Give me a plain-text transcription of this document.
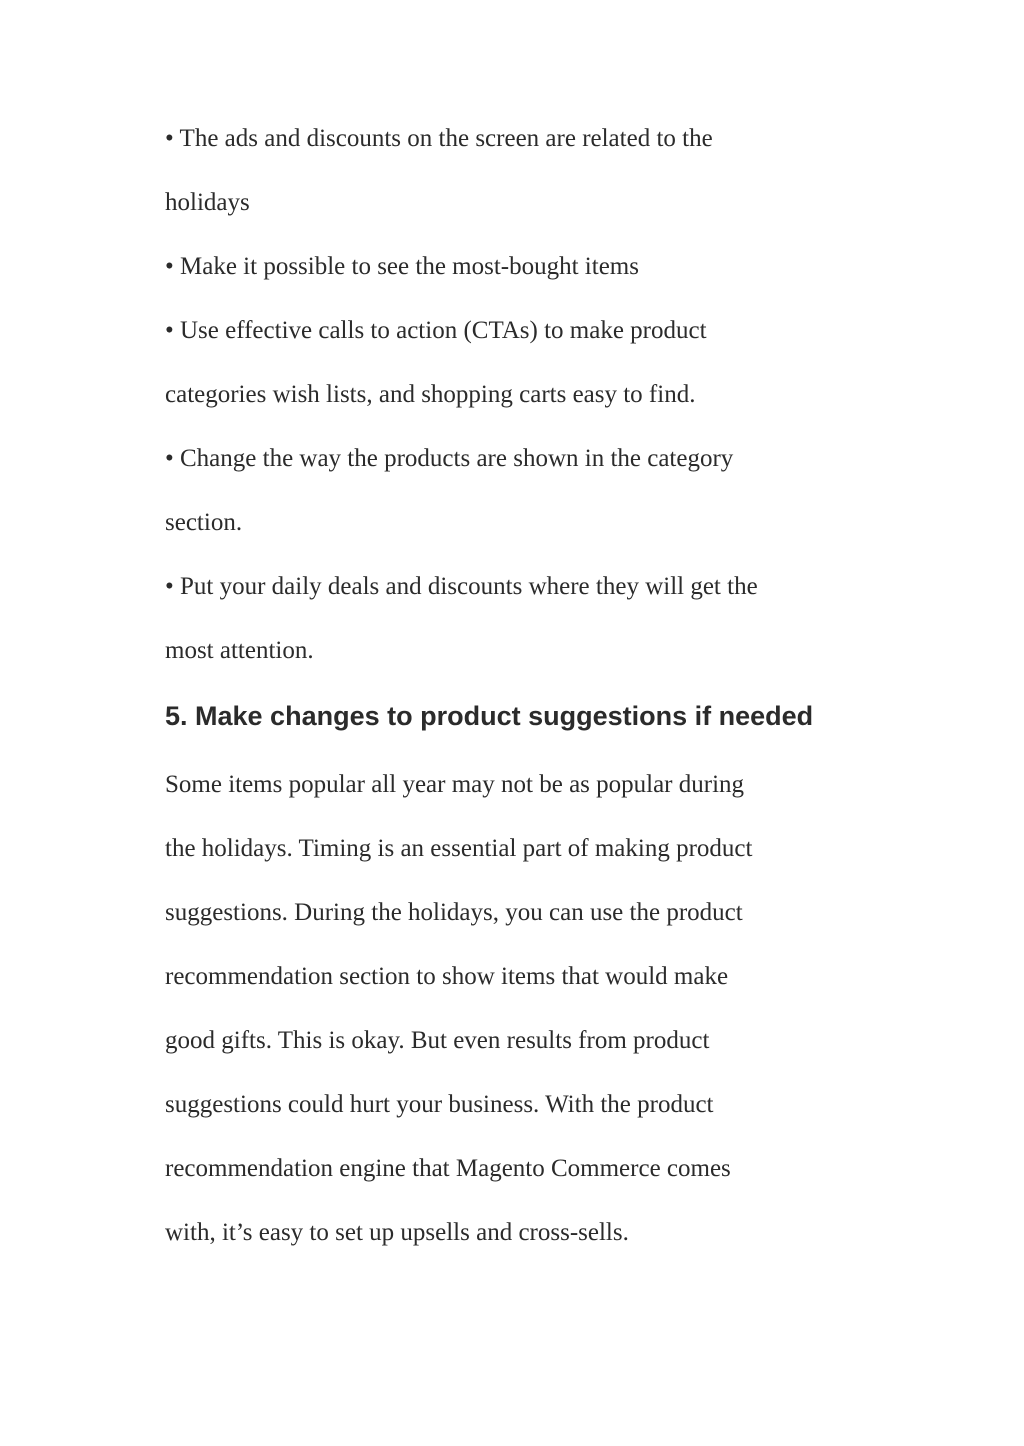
• The ads and discounts on the screen are related to the
holidays
• Make it possible to see the most-bought items
• Use effective calls to action (CTAs) to make product
categories wish lists, and shopping carts easy to find.
• Change the way the products are shown in the category
section.
• Put your daily deals and discounts where they will get the
most attention.
5. Make changes to product suggestions if needed
Some items popular all year may not be as popular during
the holidays. Timing is an essential part of making product
suggestions. During the holidays, you can use the product
recommendation section to show items that would make
good gifts. This is okay. But even results from product
suggestions could hurt your business. With the product
recommendation engine that Magento Commerce comes
with, it’s easy to set up upsells and cross-sells.
